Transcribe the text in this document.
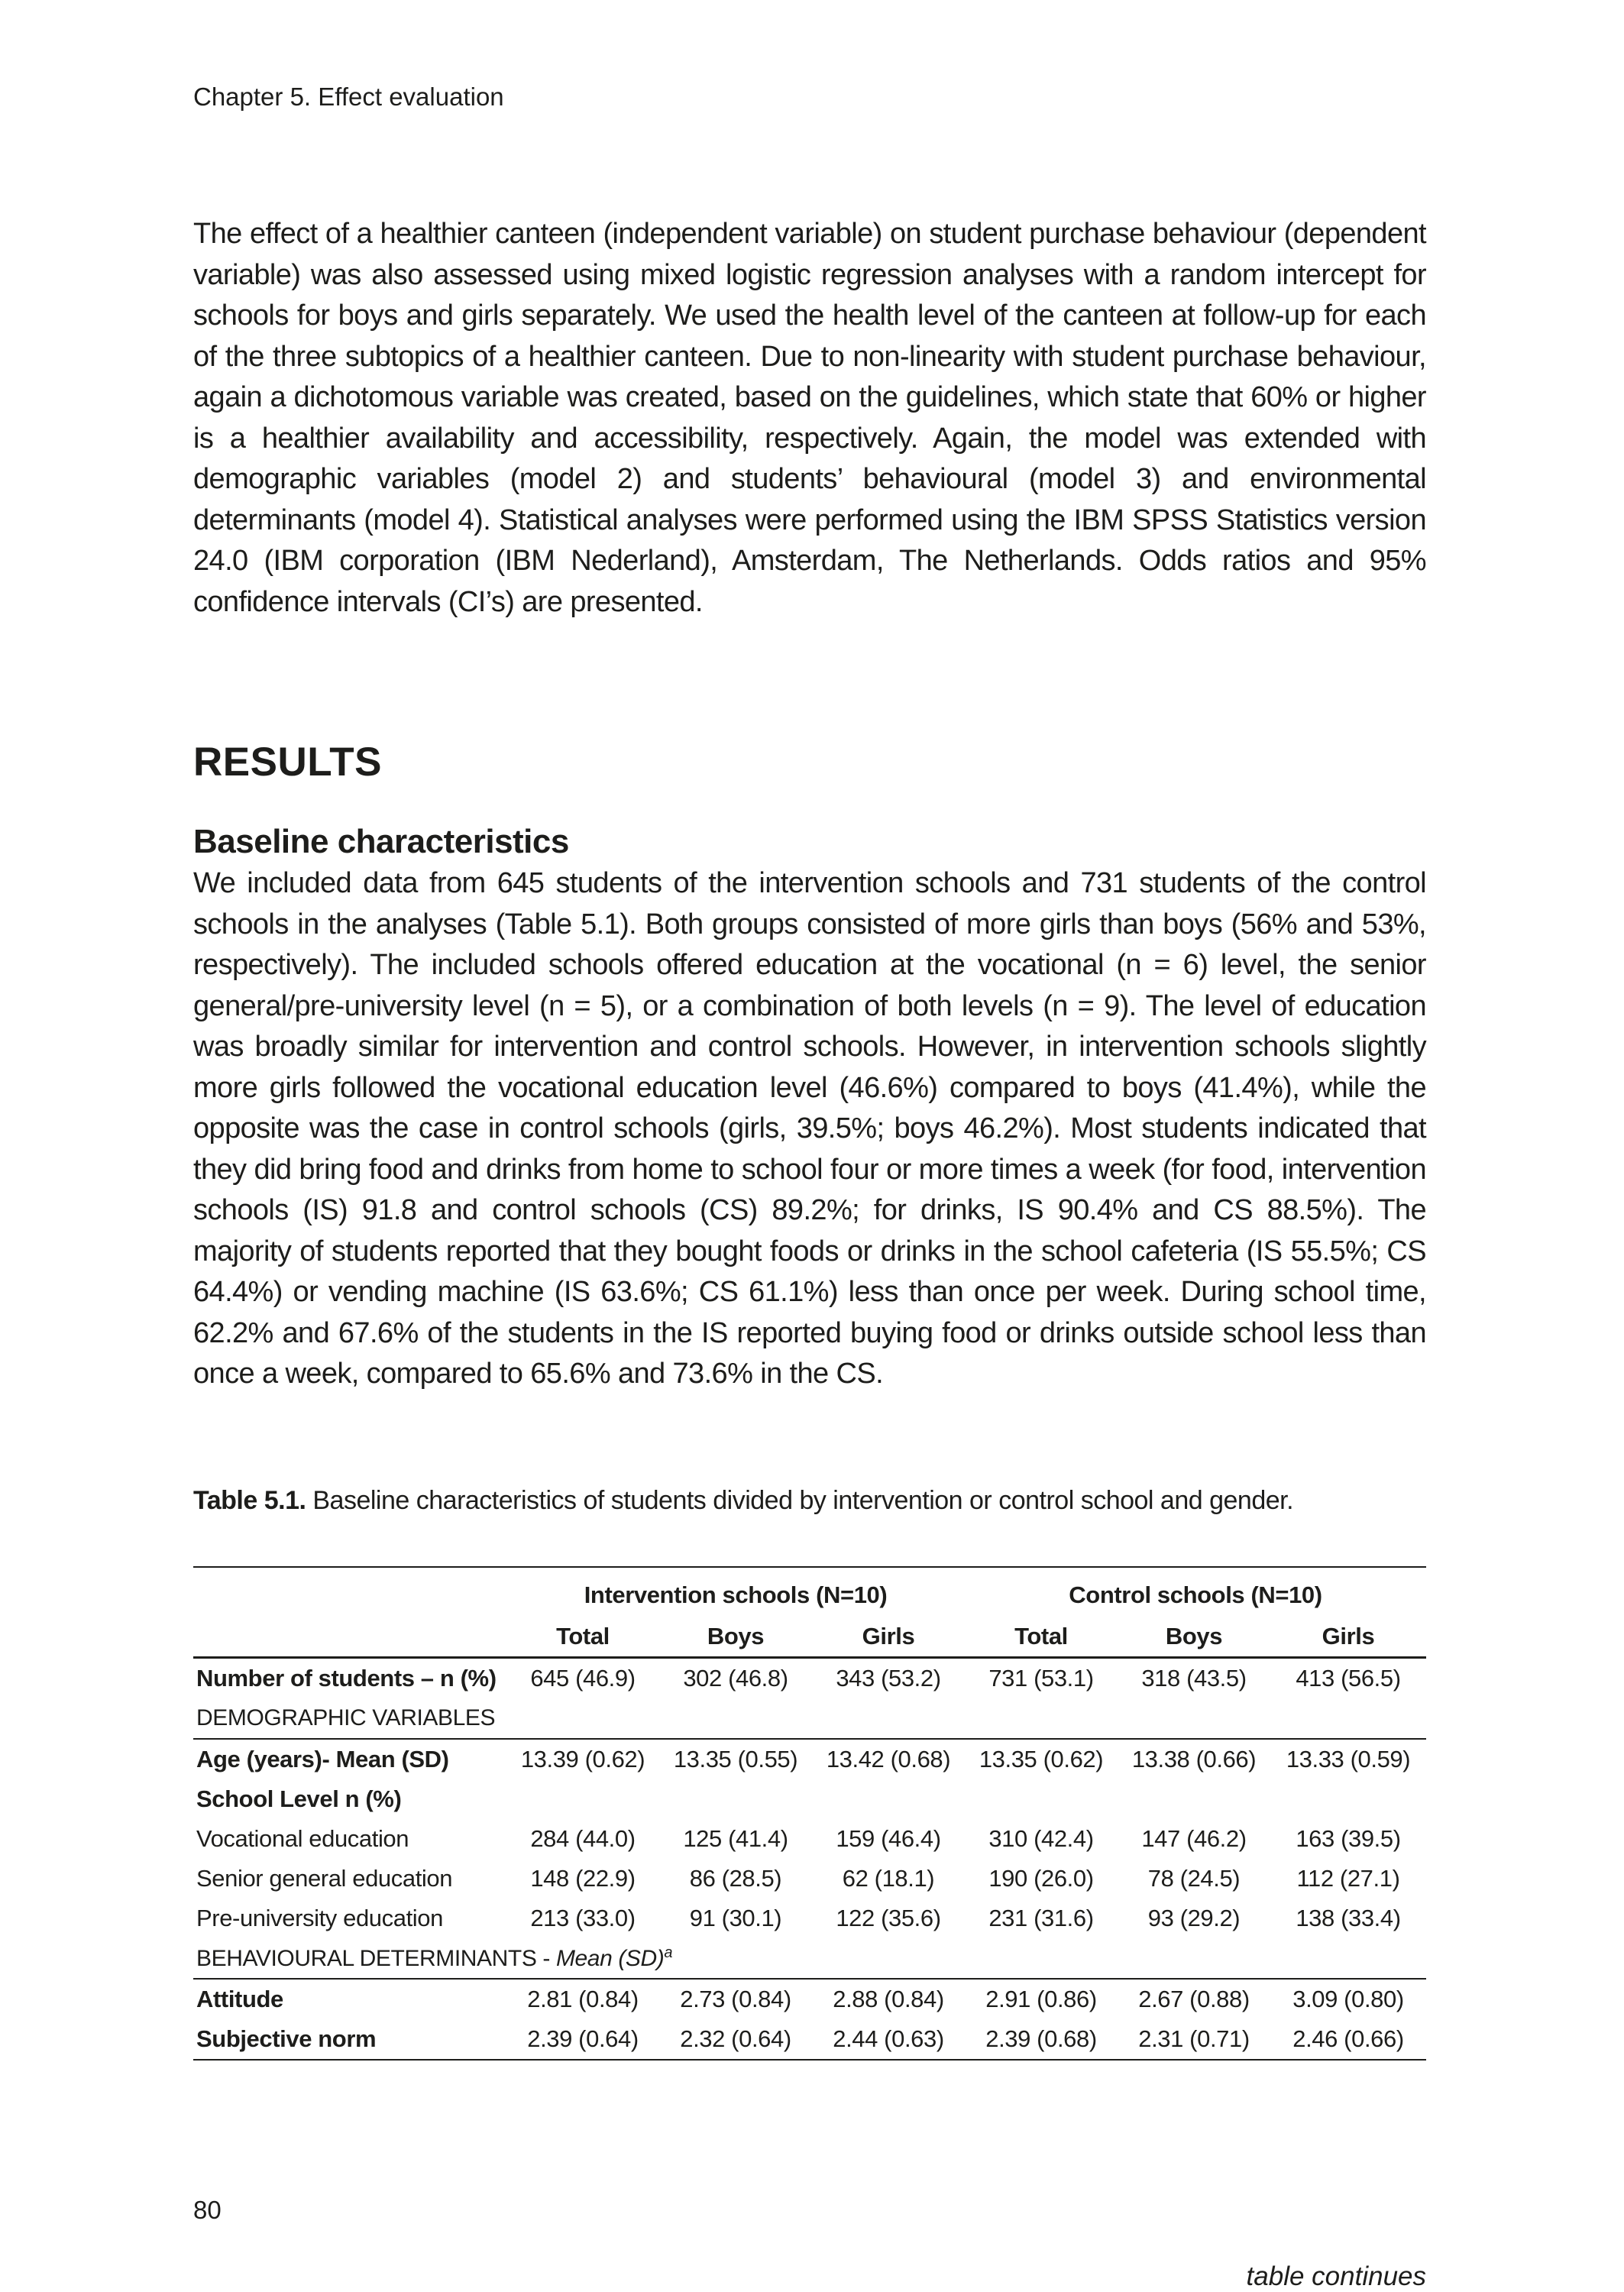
Chapter 5. Effect evaluation

The effect of a healthier canteen (independent variable) on student purchase behaviour (dependent variable) was also assessed using mixed logistic regression analyses with a random intercept for schools for boys and girls separately. We used the health level of the canteen at follow-up for each of the three subtopics of a healthier canteen. Due to non-linearity with student purchase behaviour, again a dichotomous variable was created, based on the guidelines, which state that 60% or higher is a healthier availability and accessibility, respectively. Again, the model was extended with demographic variables (model 2) and students’ behavioural (model 3) and environmental determinants (model 4). Statistical analyses were performed using the IBM SPSS Statistics version 24.0 (IBM corporation (IBM Nederland), Amsterdam, The Netherlands. Odds ratios and 95% confidence intervals (CI’s) are presented.

RESULTS
Baseline characteristics

We included data from 645 students of the intervention schools and 731 students of the control schools in the analyses (Table 5.1). Both groups consisted of more girls than boys (56% and 53%, respectively). The included schools offered education at the vocational (n = 6) level, the senior general/pre-university level (n = 5), or a combination of both levels (n = 9). The level of education was broadly similar for intervention and control schools. However, in intervention schools slightly more girls followed the vocational education level (46.6%) compared to boys (41.4%), while the opposite was the case in control schools (girls, 39.5%; boys 46.2%). Most students indicated that they did bring food and drinks from home to school four or more times a week (for food, intervention schools (IS) 91.8 and control schools (CS) 89.2%; for drinks, IS 90.4% and CS 88.5%). The majority of students reported that they bought foods or drinks in the school cafeteria (IS 55.5%; CS 64.4%) or vending machine (IS 63.6%; CS 61.1%) less than once per week. During school time, 62.2% and 67.6% of the students in the IS reported buying food or drinks outside school less than once a week, compared to 65.6% and 73.6% in the CS.

Table 5.1. Baseline characteristics of students divided by intervention or control school and gender.
	Intervention schools (N=10)			Control schools (N=10)		
	Total	Boys	Girls	Total	Boys	Girls
Number of students – n (%)	645 (46.9)	302 (46.8)	343 (53.2)	731 (53.1)	318 (43.5)	413 (56.5)
DEMOGRAPHIC VARIABLES						
Age (years)- Mean (SD)	13.39 (0.62)	13.35 (0.55)	13.42 (0.68)	13.35 (0.62)	13.38 (0.66)	13.33 (0.59)
School Level n (%)						
Vocational education	284 (44.0)	125 (41.4)	159 (46.4)	310 (42.4)	147 (46.2)	163 (39.5)
Senior general education	148 (22.9)	86 (28.5)	62 (18.1)	190 (26.0)	78 (24.5)	112 (27.1)
Pre-university education	213 (33.0)	91 (30.1)	122 (35.6)	231 (31.6)	93 (29.2)	138 (33.4)
BEHAVIOURAL DETERMINANTS - Mean (SD)$^a$
Attitude	2.81 (0.84)	2.73 (0.84)	2.88 (0.84)	2.91 (0.86)	2.67 (0.88)	3.09 (0.80)
Subjective norm	2.39 (0.64)	2.32 (0.64)	2.44 (0.63)	2.39 (0.68)	2.31 (0.71)	2.46 (0.66)
table continues
80
